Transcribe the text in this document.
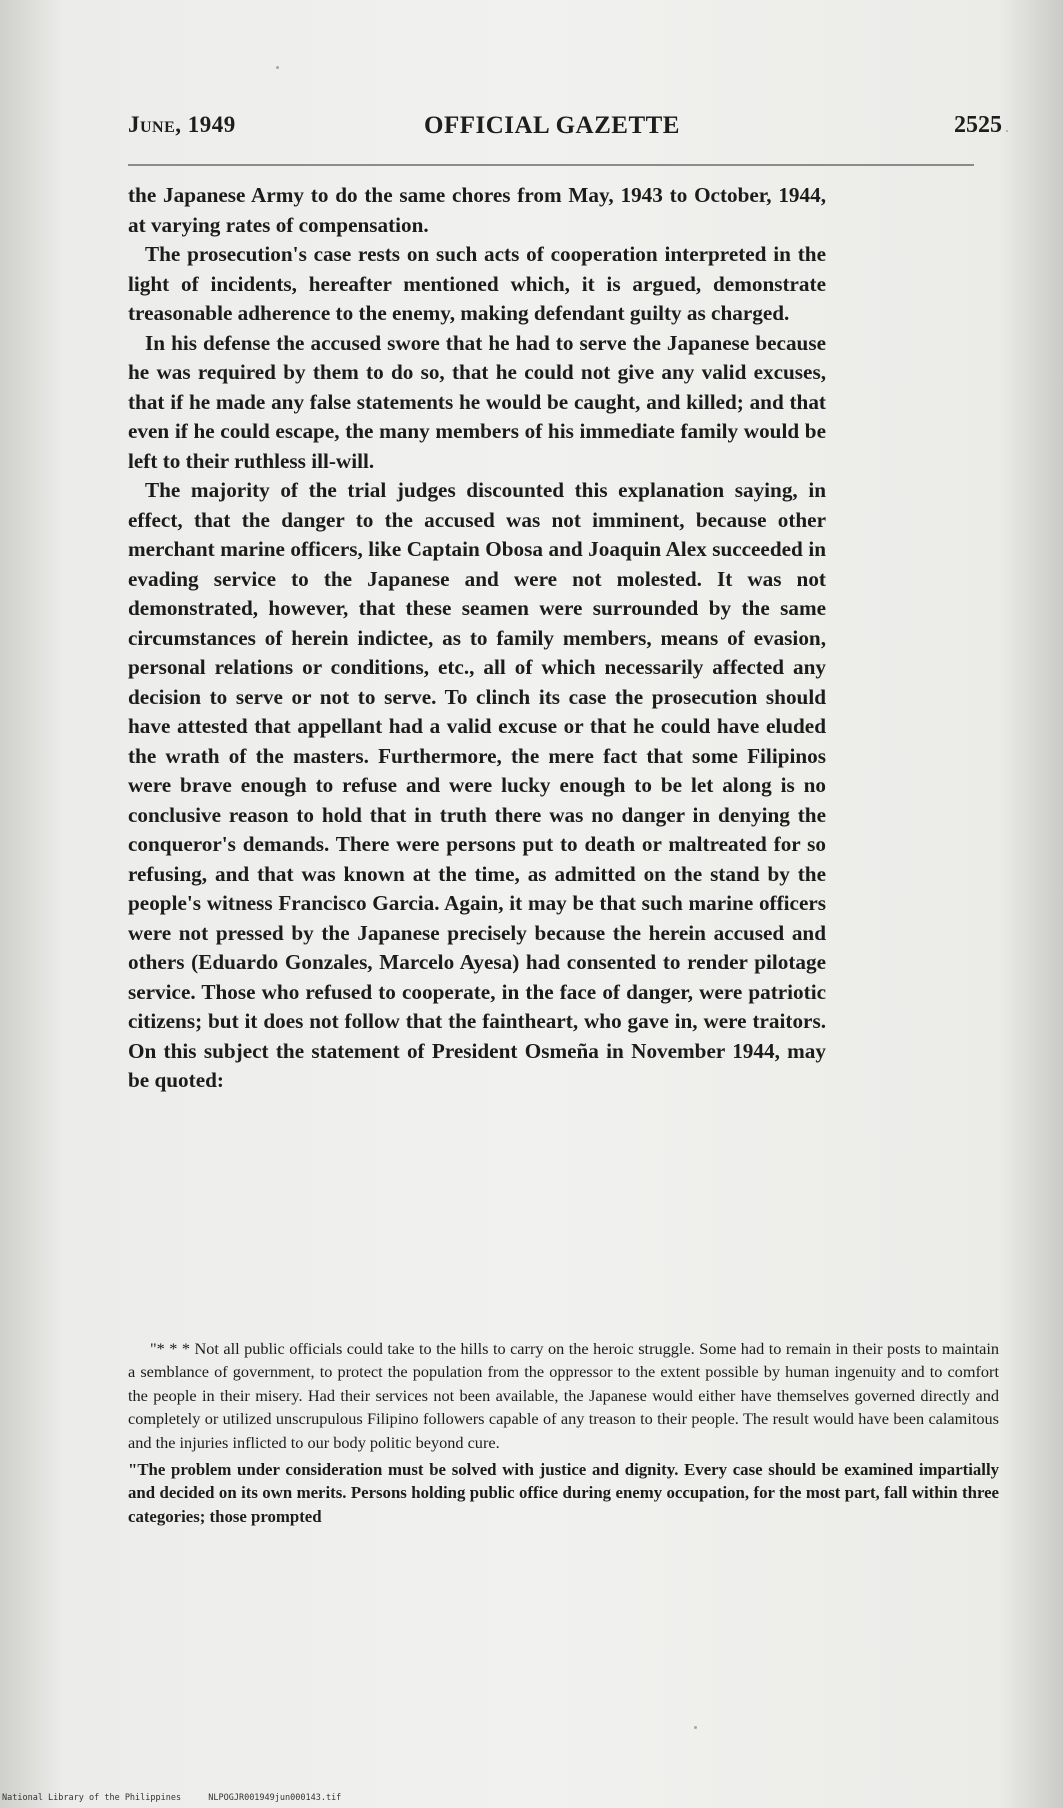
June, 1949	OFFICIAL GAZETTE	2525

the Japanese Army to do the same chores from May, 1943 to October, 1944, at varying rates of compensation.

The prosecution's case rests on such acts of cooperation interpreted in the light of incidents, hereafter mentioned which, it is argued, demonstrate treasonable adherence to the enemy, making defendant guilty as charged.

In his defense the accused swore that he had to serve the Japanese because he was required by them to do so, that he could not give any valid excuses, that if he made any false statements he would be caught, and killed; and that even if he could escape, the many members of his immediate family would be left to their ruthless ill-will.

The majority of the trial judges discounted this explanation saying, in effect, that the danger to the accused was not imminent, because other merchant marine officers, like Captain Obosa and Joaquin Alex succeeded in evading service to the Japanese and were not molested. It was not demonstrated, however, that these seamen were surrounded by the same circumstances of herein indictee, as to family members, means of evasion, personal relations or conditions, etc., all of which necessarily affected any decision to serve or not to serve. To clinch its case the prosecution should have attested that appellant had a valid excuse or that he could have eluded the wrath of the masters. Furthermore, the mere fact that some Filipinos were brave enough to refuse and were lucky enough to be let along is no conclusive reason to hold that in truth there was no danger in denying the conqueror's demands. There were persons put to death or maltreated for so refusing, and that was known at the time, as admitted on the stand by the people's witness Francisco Garcia. Again, it may be that such marine officers were not pressed by the Japanese precisely because the herein accused and others (Eduardo Gonzales, Marcelo Ayesa) had consented to render pilotage service. Those who refused to cooperate, in the face of danger, were patriotic citizens; but it does not follow that the faintheart, who gave in, were traitors. On this subject the statement of President Osmeña in November 1944, may be quoted:

"* * * Not all public officials could take to the hills to carry on the heroic struggle. Some had to remain in their posts to maintain a semblance of government, to protect the population from the oppressor to the extent possible by human ingenuity and to comfort the people in their misery. Had their services not been available, the Japanese would either have themselves governed directly and completely or utilized unscrupulous Filipino followers capable of any treason to their people. The result would have been calamitous and the injuries inflicted to our body politic beyond cure.

"The problem under consideration must be solved with justice and dignity. Every case should be examined impartially and decided on its own merits. Persons holding public office during enemy occupation, for the most part, fall within three categories; those prompted

National Library of the Philippines	NLPOGJR001949jun000143.tif
